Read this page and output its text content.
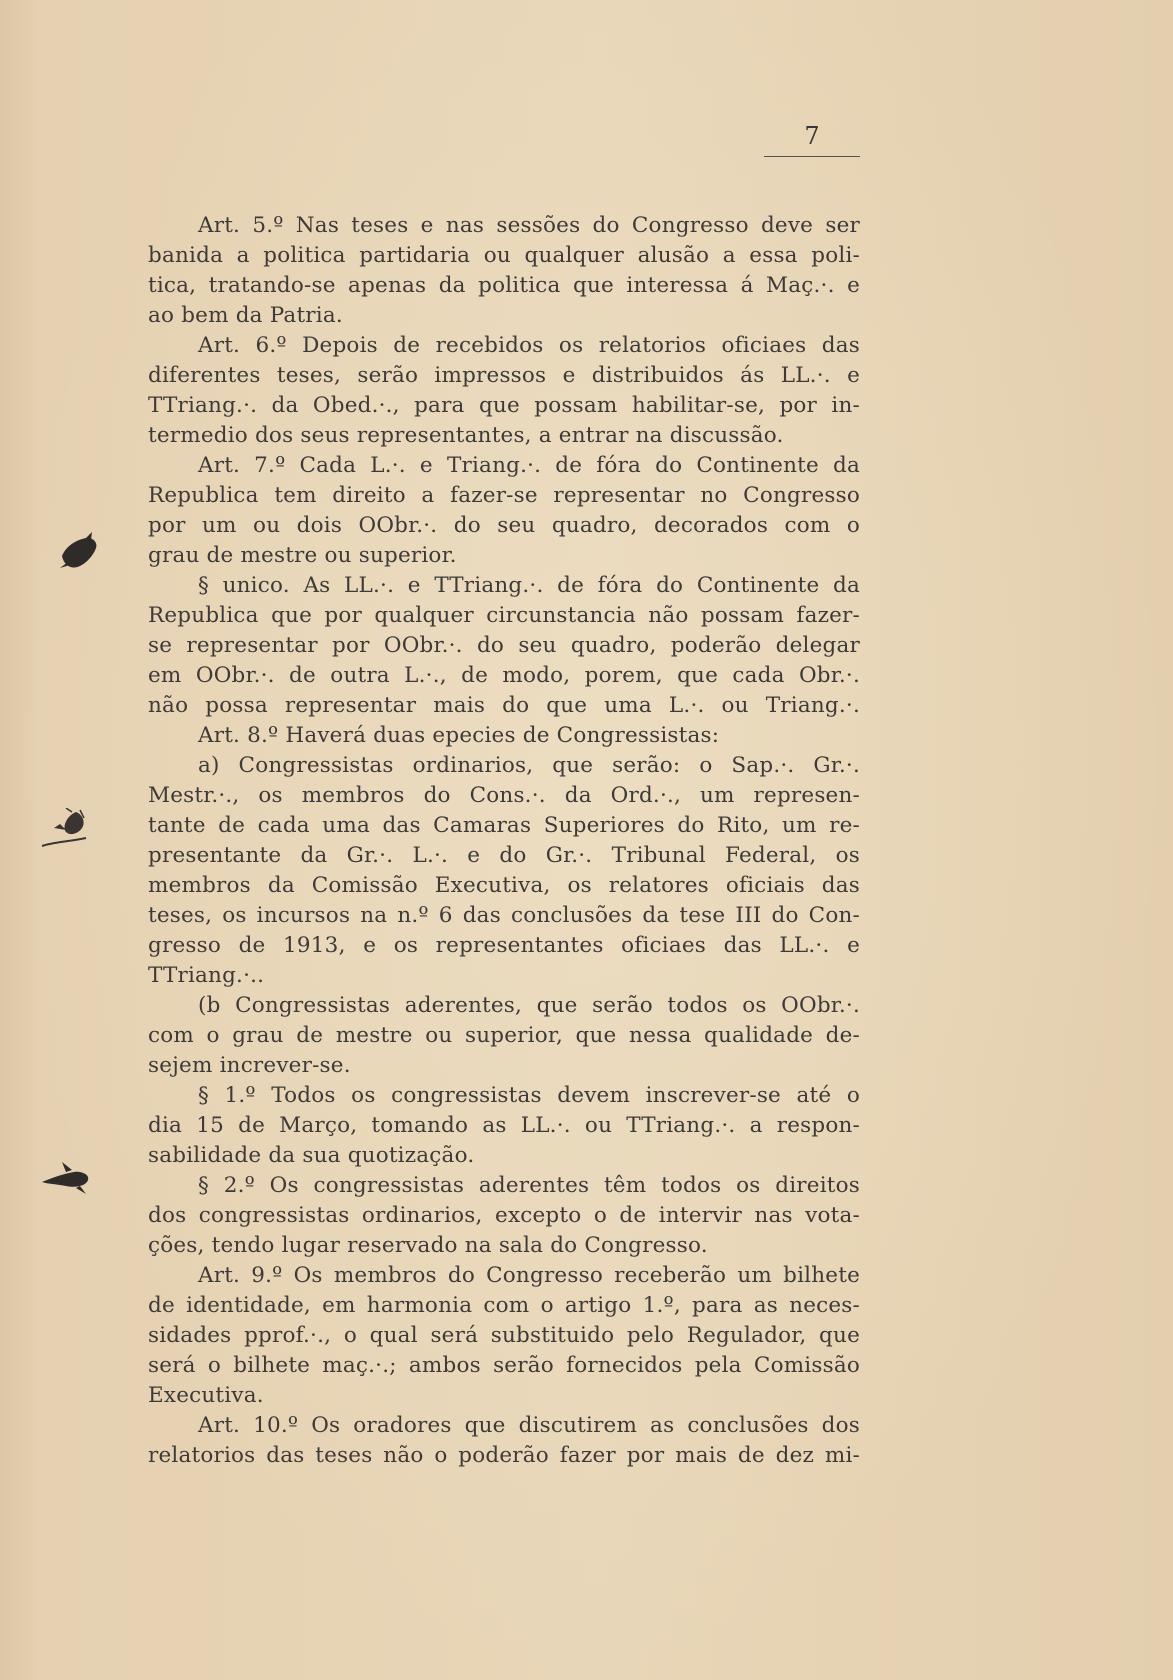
7
Art. 5.º Nas teses e nas sessões do Congresso deve ser
banida a politica partidaria ou qualquer alusão a essa poli-
tica, tratando-se apenas da politica que interessa á Maç.·. e
ao bem da Patria.
Art. 6.º Depois de recebidos os relatorios oficiaes das
diferentes teses, serão impressos e distribuidos ás LL.·. e
TTriang.·. da Obed.·., para que possam habilitar-se, por in-
termedio dos seus representantes, a entrar na discussão.
Art. 7.º Cada L.·. e Triang.·. de fóra do Continente da
Republica tem direito a fazer-se representar no Congresso
por um ou dois OObr.·. do seu quadro, decorados com o
grau de mestre ou superior.
§ unico. As LL.·. e TTriang.·. de fóra do Continente da
Republica que por qualquer circunstancia não possam fazer-
se representar por OObr.·. do seu quadro, poderão delegar
em OObr.·. de outra L.·., de modo, porem, que cada Obr.·.
não possa representar mais do que uma L.·. ou Triang.·.
Art. 8.º Haverá duas epecies de Congressistas:
a) Congressistas ordinarios, que serão: o Sap.·. Gr.·.
Mestr.·., os membros do Cons.·. da Ord.·., um represen-
tante de cada uma das Camaras Superiores do Rito, um re-
presentante da Gr.·. L.·. e do Gr.·. Tribunal Federal, os
membros da Comissão Executiva, os relatores oficiais das
teses, os incursos na n.º 6 das conclusões da tese III do Con-
gresso de 1913, e os representantes oficiaes das LL.·. e
TTriang.·..
(b Congressistas aderentes, que serão todos os OObr.·.
com o grau de mestre ou superior, que nessa qualidade de-
sejem increver-se.
§ 1.º Todos os congressistas devem inscrever-se até o
dia 15 de Março, tomando as LL.·. ou TTriang.·. a respon-
sabilidade da sua quotização.
§ 2.º Os congressistas aderentes têm todos os direitos
dos congressistas ordinarios, excepto o de intervir nas vota-
ções, tendo lugar reservado na sala do Congresso.
Art. 9.º Os membros do Congresso receberão um bilhete
de identidade, em harmonia com o artigo 1.º, para as neces-
sidades pprof.·., o qual será substituido pelo Regulador, que
será o bilhete maç.·.; ambos serão fornecidos pela Comissão
Executiva.
Art. 10.º Os oradores que discutirem as conclusões dos
relatorios das teses não o poderão fazer por mais de dez mi-
